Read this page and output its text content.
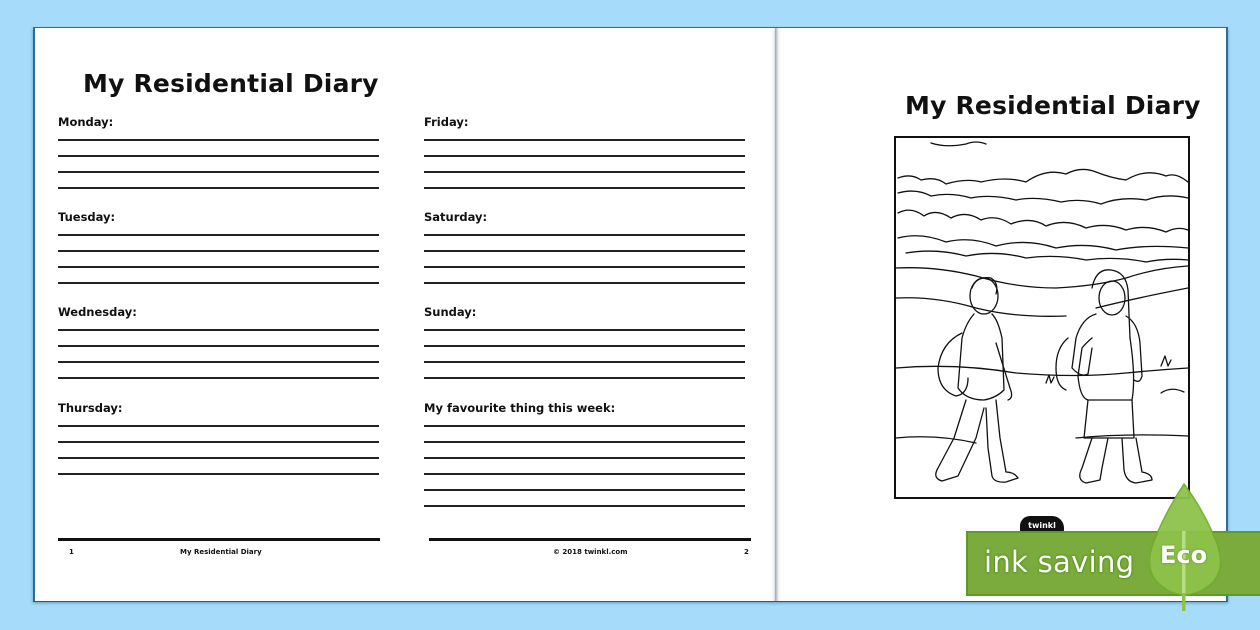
My Residential Diary
Monday:
Tuesday:
Wednesday:
Thursday:
Friday:
Saturday:
Sunday:
My favourite thing this week:
1	My Residential Diary	© 2018 twinkl.com	2
My Residential Diary
twinkl
ink saving Eco
